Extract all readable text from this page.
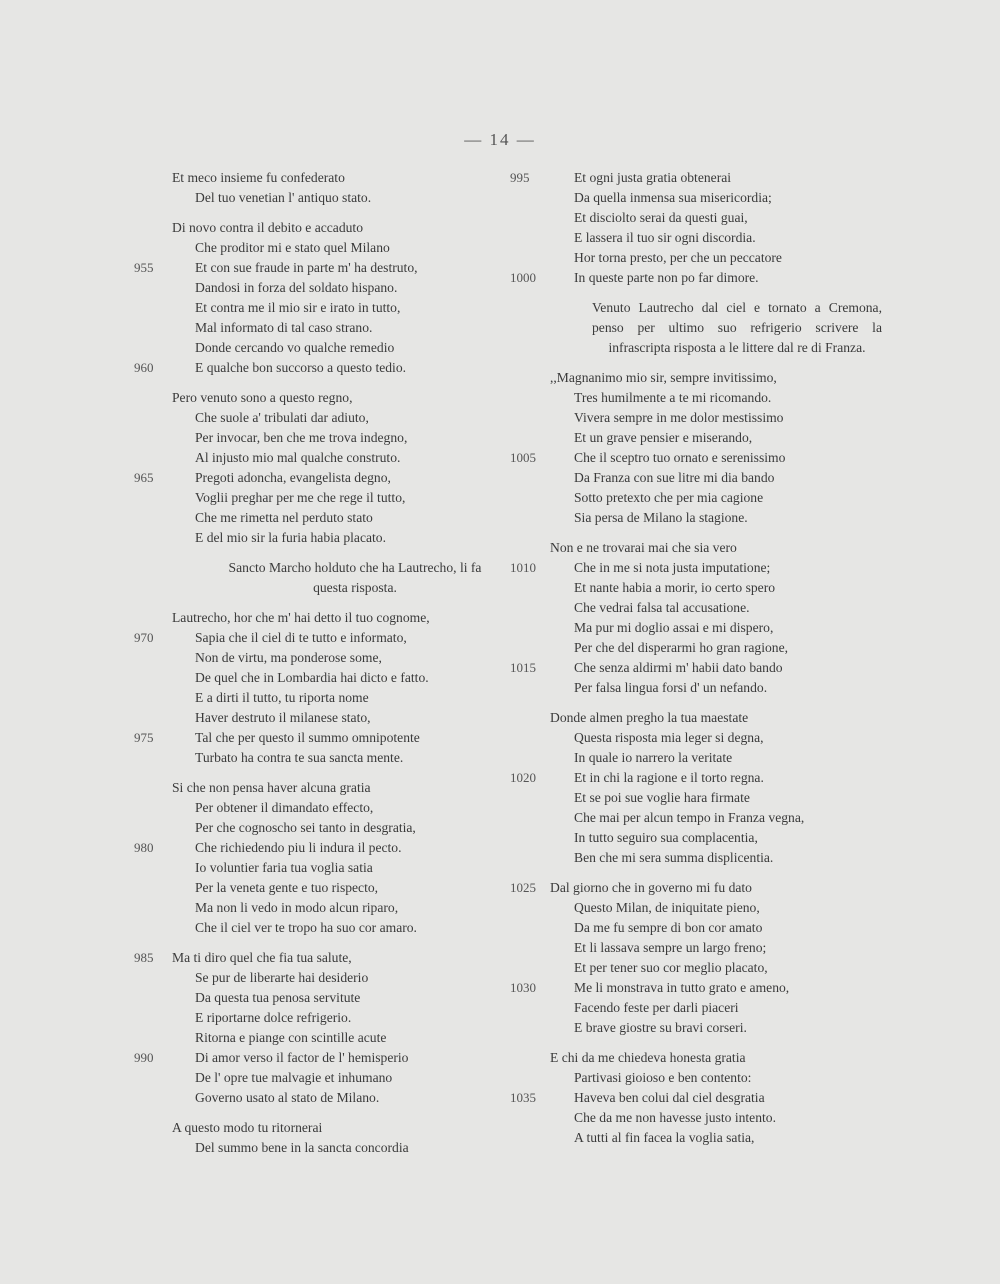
— 14 —
Et meco insieme fu confederato
Del tuo venetian l' antiquo stato.
Di novo contra il debito e accaduto
Che proditor mi e stato quel Milano
955	Et con sue fraude in parte m' ha destruto,
Dandosi in forza del soldato hispano.
Et contra me il mio sir e irato in tutto,
Mal informato di tal caso strano.
Donde cercando vo qualche remedio
960	E qualche bon succorso a questo tedio.
Pero venuto sono a questo regno,
Che suole a' tribulati dar adiuto,
Per invocar, ben che me trova indegno,
Al injusto mio mal qualche construto.
965	Pregoti adoncha, evangelista degno,
Voglii preghar per me che rege il tutto,
Che me rimetta nel perduto stato
E del mio sir la furia habia placato.
Sancto Marcho holduto che ha Lautrecho, li fa questa risposta.
Lautrecho, hor che m' hai detto il tuo cognome,
970	Sapia che il ciel di te tutto e informato,
Non de virtu, ma ponderose some,
De quel che in Lombardia hai dicto e fatto.
E a dirti il tutto, tu riporta nome
Haver destruto il milanese stato,
975	Tal che per questo il summo omnipotente
Turbato ha contra te sua sancta mente.
Si che non pensa haver alcuna gratia
Per obtener il dimandato effecto,
Per che cognoscho sei tanto in desgratia,
980	Che richiedendo piu li indura il pecto.
Io voluntier faria tua voglia satia
Per la veneta gente e tuo rispecto,
Ma non li vedo in modo alcun riparo,
Che il ciel ver te tropo ha suo cor amaro.
985 Ma ti diro quel che fia tua salute,
Se pur de liberarte hai desiderio
Da questa tua penosa servitute
E riportarne dolce refrigerio.
Ritorna e piange con scintille acute
990	Di amor verso il factor de l' hemisperio
De l' opre tue malvagie et inhumano
Governo usato al stato de Milano.
A questo modo tu ritornerai
Del summo bene in la sancta concordia
995	Et ogni justa gratia obtenerai
Da quella inmensa sua misericordia;
Et disciolto serai da questi guai,
E lassera il tuo sir ogni discordia.
Hor torna presto, per che un peccatore
1000	In queste parte non po far dimore.
Venuto Lautrecho dal ciel e tornato a Cremona, penso per ultimo suo refrigerio scrivere la infrascripta risposta a le littere dal re di Franza.
,,Magnanimo mio sir, sempre invitissimo,
Tres humilmente a te mi ricomando.
Vivera sempre in me dolor mestissimo
Et un grave pensier e miserando,
1005	Che il sceptro tuo ornato e serenissimo
Da Franza con sue litre mi dia bando
Sotto pretexto che per mia cagione
Sia persa de Milano la stagione.
Non e ne trovarai mai che sia vero
1010	Che in me si nota justa imputatione;
Et nante habia a morir, io certo spero
Che vedrai falsa tal accusatione.
Ma pur mi doglio assai e mi dispero,
Per che del disperarmi ho gran ragione,
1015	Che senza aldirmi m' habii dato bando
Per falsa lingua forsi d' un nefando.
Donde almen pregho la tua maestate
Questa risposta mia leger si degna,
In quale io narrero la veritate
1020	Et in chi la ragione e il torto regna.
Et se poi sue voglie hara firmate
Che mai per alcun tempo in Franza vegna,
In tutto seguiro sua complacentia,
Ben che mi sera summa displicentia.
1025 Dal giorno che in governo mi fu dato
Questo Milan, de iniquitate pieno,
Da me fu sempre di bon cor amato
Et li lassava sempre un largo freno;
Et per tener suo cor meglio placato,
1030	Me li monstrava in tutto grato e ameno,
Facendo feste per darli piaceri
E brave giostre su bravi corseri.
E chi da me chiedeva honesta gratia
Partivasi gioioso e ben contento:
1035	Haveva ben colui dal ciel desgratia
Che da me non havesse justo intento.
A tutti al fin facea la voglia satia,
